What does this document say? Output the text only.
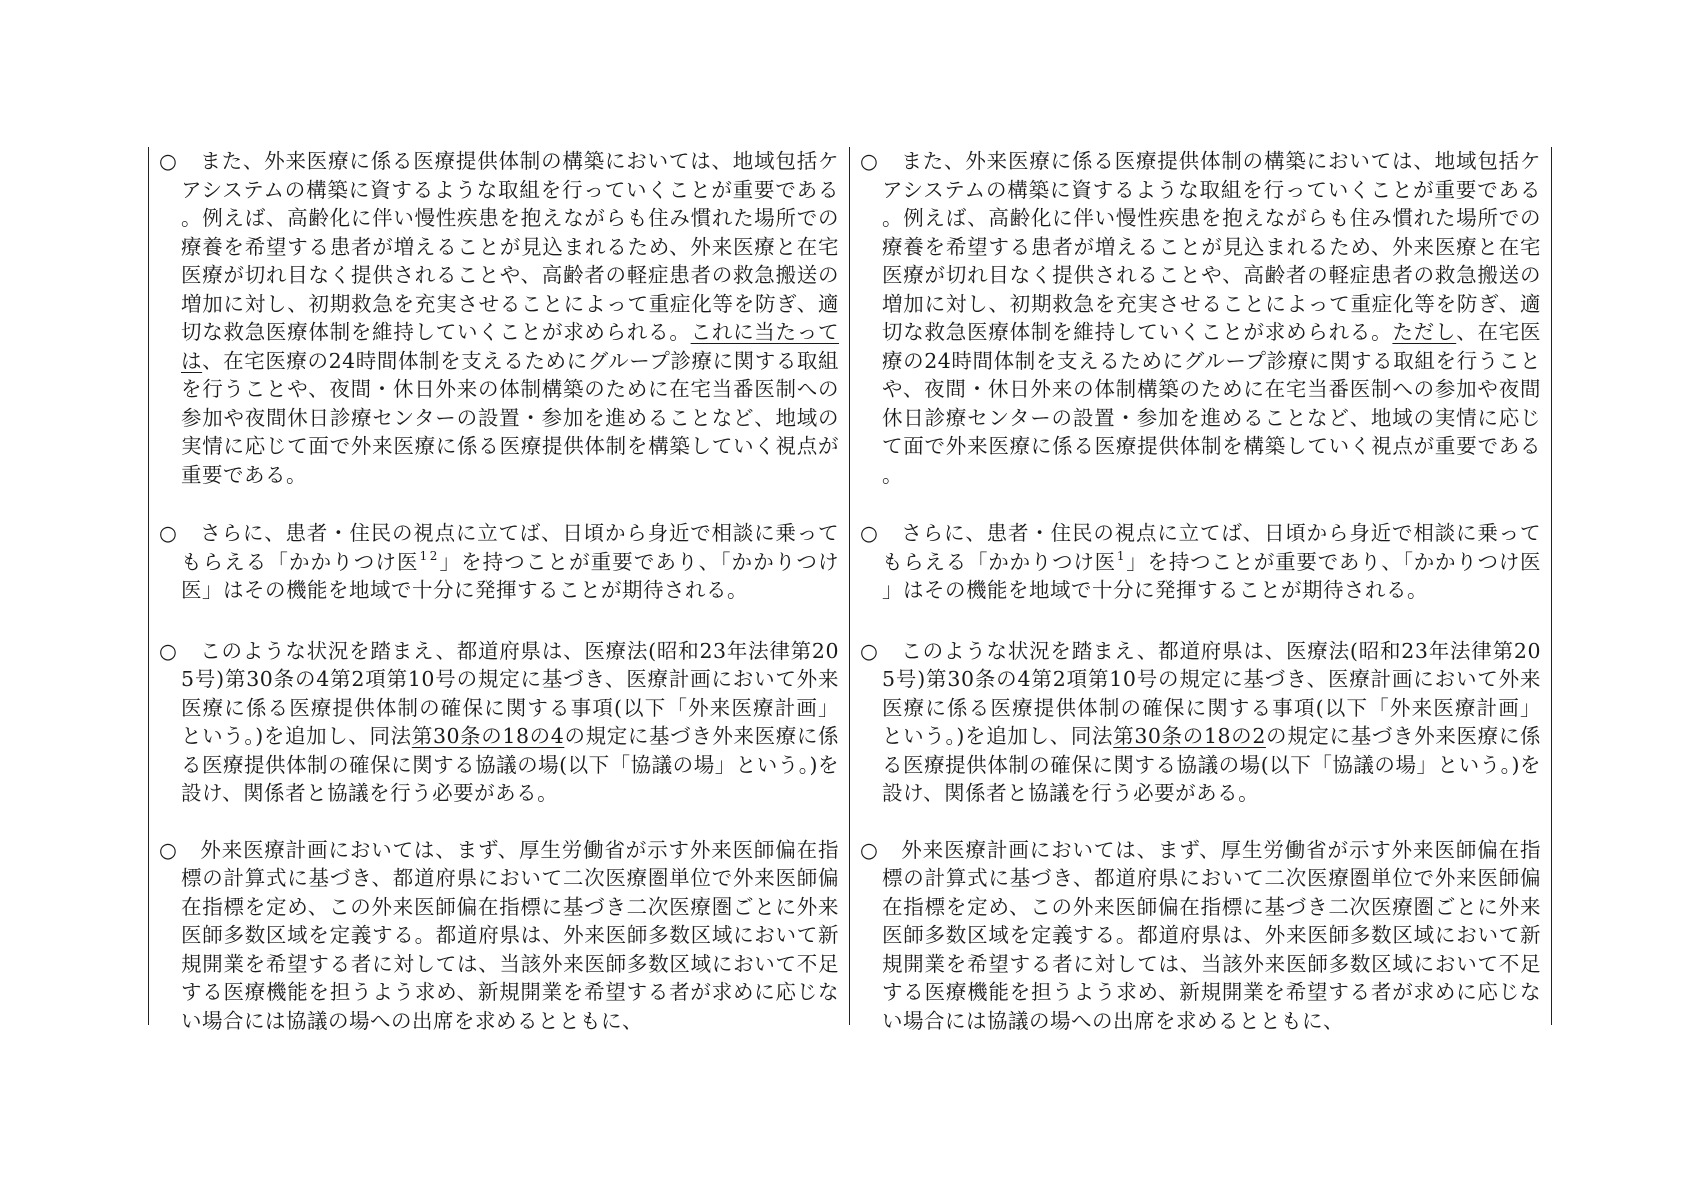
○ また、外来医療に係る医療提供体制の構築においては、地域包括ケアシステムの構築に資するような取組を行っていくことが重要である。例えば、高齢化に伴い慢性疾患を抱えながらも住み慣れた場所での療養を希望する患者が増えることが見込まれるため、外来医療と在宅医療が切れ目なく提供されることや、高齢者の軽症患者の救急搬送の増加に対し、初期救急を充実させることによって重症化等を防ぎ、適切な救急医療体制を維持していくことが求められる。これに当たっては、在宅医療の24時間体制を支えるためにグループ診療に関する取組を行うことや、夜間・休日外来の体制構築のために在宅当番医制への参加や夜間休日診療センターの設置・参加を進めることなど、地域の実情に応じて面で外来医療に係る医療提供体制を構築していく視点が重要である。

○ さらに、患者・住民の視点に立てば、日頃から身近で相談に乗ってもらえる「かかりつけ医$^1$ $^2$」を持つことが重要であり、「かかりつけ医」はその機能を地域で十分に発揮することが期待される。

○ このような状況を踏まえ、都道府県は、医療法(昭和23年法律第205号)第30条の4第2項第10号の規定に基づき、医療計画において外来医療に係る医療提供体制の確保に関する事項(以下「外来医療計画」という。)を追加し、同法第30条の18の4の規定に基づき外来医療に係る医療提供体制の確保に関する協議の場(以下「協議の場」という。)を設け、関係者と協議を行う必要がある。

○ 外来医療計画においては、まず、厚生労働省が示す外来医師偏在指標の計算式に基づき、都道府県において二次医療圏単位で外来医師偏在指標を定め、この外来医師偏在指標に基づき二次医療圏ごとに外来医師多数区域を定義する。都道府県は、外来医師多数区域において新規開業を希望する者に対しては、当該外来医師多数区域において不足する医療機能を担うよう求め、新規開業を希望する者が求めに応じない場合には協議の場への出席を求めるとともに、

○ また、外来医療に係る医療提供体制の構築においては、地域包括ケアシステムの構築に資するような取組を行っていくことが重要である。例えば、高齢化に伴い慢性疾患を抱えながらも住み慣れた場所での療養を希望する患者が増えることが見込まれるため、外来医療と在宅医療が切れ目なく提供されることや、高齢者の軽症患者の救急搬送の増加に対し、初期救急を充実させることによって重症化等を防ぎ、適切な救急医療体制を維持していくことが求められる。ただし、在宅医療の24時間体制を支えるためにグループ診療に関する取組を行うことや、夜間・休日外来の体制構築のために在宅当番医制への参加や夜間休日診療センターの設置・参加を進めることなど、地域の実情に応じて面で外来医療に係る医療提供体制を構築していく視点が重要である。

○ さらに、患者・住民の視点に立てば、日頃から身近で相談に乗ってもらえる「かかりつけ医$^1$」を持つことが重要であり、「かかりつけ医」はその機能を地域で十分に発揮することが期待される。

○ このような状況を踏まえ、都道府県は、医療法(昭和23年法律第205号)第30条の4第2項第10号の規定に基づき、医療計画において外来医療に係る医療提供体制の確保に関する事項(以下「外来医療計画」という。)を追加し、同法第30条の18の2の規定に基づき外来医療に係る医療提供体制の確保に関する協議の場(以下「協議の場」という。)を設け、関係者と協議を行う必要がある。

○ 外来医療計画においては、まず、厚生労働省が示す外来医師偏在指標の計算式に基づき、都道府県において二次医療圏単位で外来医師偏在指標を定め、この外来医師偏在指標に基づき二次医療圏ごとに外来医師多数区域を定義する。都道府県は、外来医師多数区域において新規開業を希望する者に対しては、当該外来医師多数区域において不足する医療機能を担うよう求め、新規開業を希望する者が求めに応じない場合には協議の場への出席を求めるとともに、
